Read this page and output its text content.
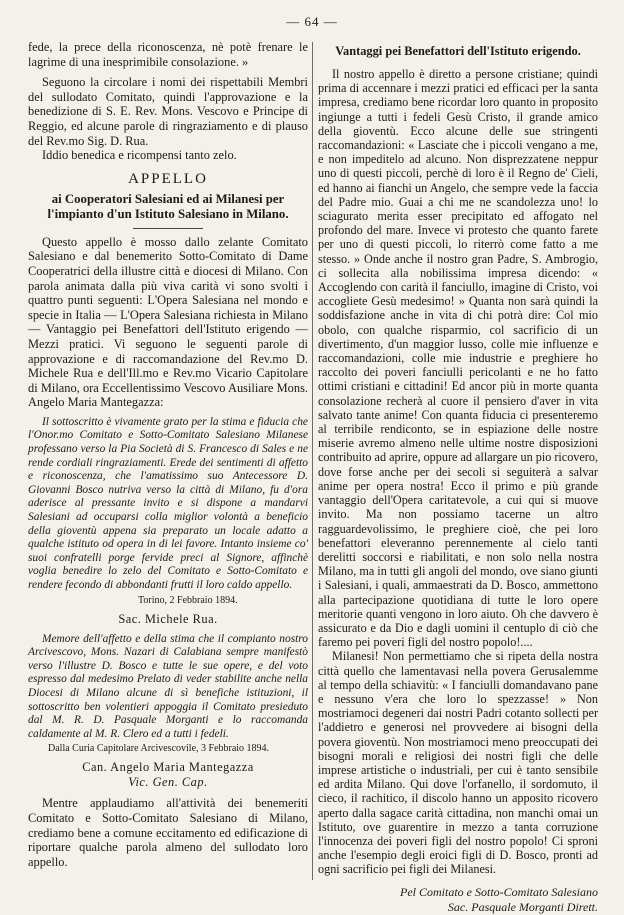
— 64 —

fede, la prece della riconoscenza, nè potè frenare le lagrime di una inesprimibile consolazione. »

Seguono la circolare i nomi dei rispettabili Membri del sullodato Comitato, quindi l'approvazione e la benedizione di S. E. Rev. Mons. Vescovo e Principe di Reggio, ed alcune parole di ringraziamento e di plauso del Rev.mo Sig. D. Rua.

Iddio benedica e ricompensi tanto zelo.

APPELLO
ai Cooperatori Salesiani ed ai Milanesi per l'impianto d'un Istituto Salesiano in Milano.

Questo appello è mosso dallo zelante Comitato Salesiano e dal benemerito Sotto-Comitato di Dame Cooperatrici della illustre città e diocesi di Milano. Con parola animata dalla più viva carità vi sono svolti i quattro punti seguenti: L'Opera Salesiana nel mondo e specie in Italia — L'Opera Salesiana richiesta in Milano — Vantaggio pei Benefattori dell'Istituto erigendo — Mezzi pratici. Vi seguono le seguenti parole di approvazione e di raccomandazione del Rev.mo D. Michele Rua e dell'Ill.mo e Rev.mo Vicario Capitolare di Milano, ora Eccellentissimo Vescovo Ausiliare Mons. Angelo Maria Mantegazza:

Il sottoscritto è vivamente grato per la stima e fiducia che l'Onor.mo Comitato e Sotto-Comitato Salesiano Milanese professano verso la Pia Società di S. Francesco di Sales e ne rende cordiali ringraziamenti. Erede dei sentimenti di affetto e riconoscenza, che l'amatissimo suo Antecessore D. Giovanni Bosco nutriva verso la città di Milano, fu d'ora aderisce al pressante invito e si dispone a mandarvi Salesiani ad occuparsi colla miglior volontà a beneficio della gioventù appena sia preparato un locale adatto a qualche istituto od opera in di lei favore. Intanto insieme co' suoi confratelli porge fervide preci al Signore, affinchè voglia benedire lo zelo del Comitato e Sotto-Comitato e rendere fecondo di abbondanti frutti il loro caldo appello.

Torino, 2 Febbraio 1894.
Sac. Michele Rua.

Memore dell'affetto e della stima che il compianto nostro Arcivescovo, Mons. Nazari di Calabiana sempre manifestò verso l'illustre D. Bosco e tutte le sue opere, e del voto espresso dal medesimo Prelato di veder stabilite anche nella Diocesi di Milano alcune di sì benefiche istituzioni, il sottoscritto ben volentieri appoggia il Comitato presieduto dal M. R. D. Pasquale Morganti e lo raccomanda caldamente al M. R. Clero ed a tutti i fedeli.

Dalla Curia Capitolare Arcivescovile, 3 Febbraio 1894.
Can. Angelo Maria Mantegazza
Vic. Gen. Cap.

Mentre applaudiamo all'attività dei benemeriti Comitato e Sotto-Comitato Salesiano di Milano, crediamo bene a comune eccitamento ed edificazione di riportare qualche parola almeno del sullodato loro appello.

Vantaggi pei Benefattori dell'Istituto erigendo.

Il nostro appello è diretto a persone cristiane; quindi prima di accennare i mezzi pratici ed efficaci per la santa impresa, crediamo bene ricordar loro quanto in proposito ingiunge a tutti i fedeli Gesù Cristo, il grande amico della gioventù. Ecco alcune delle sue stringenti raccomandazioni: « Lasciate che i piccoli vengano a me, e non impeditelo ad alcuno. Non disprezzatene neppur uno di questi piccoli, perchè di loro è il Regno de' Cieli, ed hanno ai fianchi un Angelo, che sempre vede la faccia del Padre mio. Guai a chi me ne scandolezza uno! lo sciagurato merita esser precipitato ed affogato nel profondo del mare. Invece vi protesto che quanto farete per uno di questi piccoli, lo riterrò come fatto a me stesso. » Onde anche il nostro gran Padre, S. Ambrogio, ci sollecita alla nobilissima impresa dicendo: « Accoglendo con carità il fanciullo, imagine di Cristo, voi accogliete Gesù medesimo! » Quanta non sarà quindi la soddisfazione anche in vita di chi potrà dire: Col mio obolo, con qualche risparmio, col sacrificio di un divertimento, d'un maggior lusso, colle mie influenze e raccomandazioni, colle mie industrie e preghiere ho raccolto dei poveri fanciulli pericolanti e ne ho fatto ottimi cristiani e cittadini! Ed ancor più in morte quanta consolazione recherà al cuore il pensiero d'aver in vita salvato tante anime! Con quanta fiducia ci presenteremo al terribile rendiconto, se in espiazione delle nostre miserie avremo almeno nelle ultime nostre disposizioni contribuito ad aprire, oppure ad allargare un pio ricovero, dove forse anche per dei secoli si seguiterà a salvar anime per opera nostra! Ecco il primo e più grande vantaggio dell'Opera caritatevole, a cui qui si muove invito. Ma non possiamo tacerne un altro ragguardevolissimo, le preghiere cioè, che pei loro benefattori eleveranno perennemente al cielo tanti derelitti soccorsi e riabilitati, e non solo nella nostra Milano, ma in tutti gli angoli del mondo, ove siano giunti i Salesiani, i quali, ammaestrati da D. Bosco, ammettono alla partecipazione quotidiana di tutte le loro opere meritorie quanti vengono in loro aiuto. Oh che davvero è assicurato e da Dio e dagli uomini il centuplo di ciò che faremo pei poveri figli del nostro popolo!....

Milanesi! Non permettiamo che si ripeta della nostra città quello che lamentavasi nella povera Gerusalemme al tempo della schiavitù: « I fanciulli domandavano pane e nessuno v'era che loro lo spezzasse! » Non mostriamoci degeneri dai nostri Padri cotanto sollecti per l'addietro e generosi nel provvedere ai bisogni della povera gioventù. Non mostriamoci meno preoccupati dei bisogni morali e religiosi dei nostri figli che delle imprese artistiche o industriali, per cui è tanto sensibile ed ardita Milano. Qui dove l'orfanello, il sordomuto, il cieco, il rachitico, il discolo hanno un apposito ricovero aperto dalla sagace carità cittadina, non manchi omai un Istituto, ove guarentire in mezzo a tanta corruzione l'innocenza dei poveri figli del nostro popolo! Ci sproni anche l'esempio degli eroici figli di D. Bosco, pronti ad ogni sacrificio pei figli dei Milanesi.

Pel Comitato e Sotto-Comitato Salesiano
Sac. Pasquale Morganti Dirett.
